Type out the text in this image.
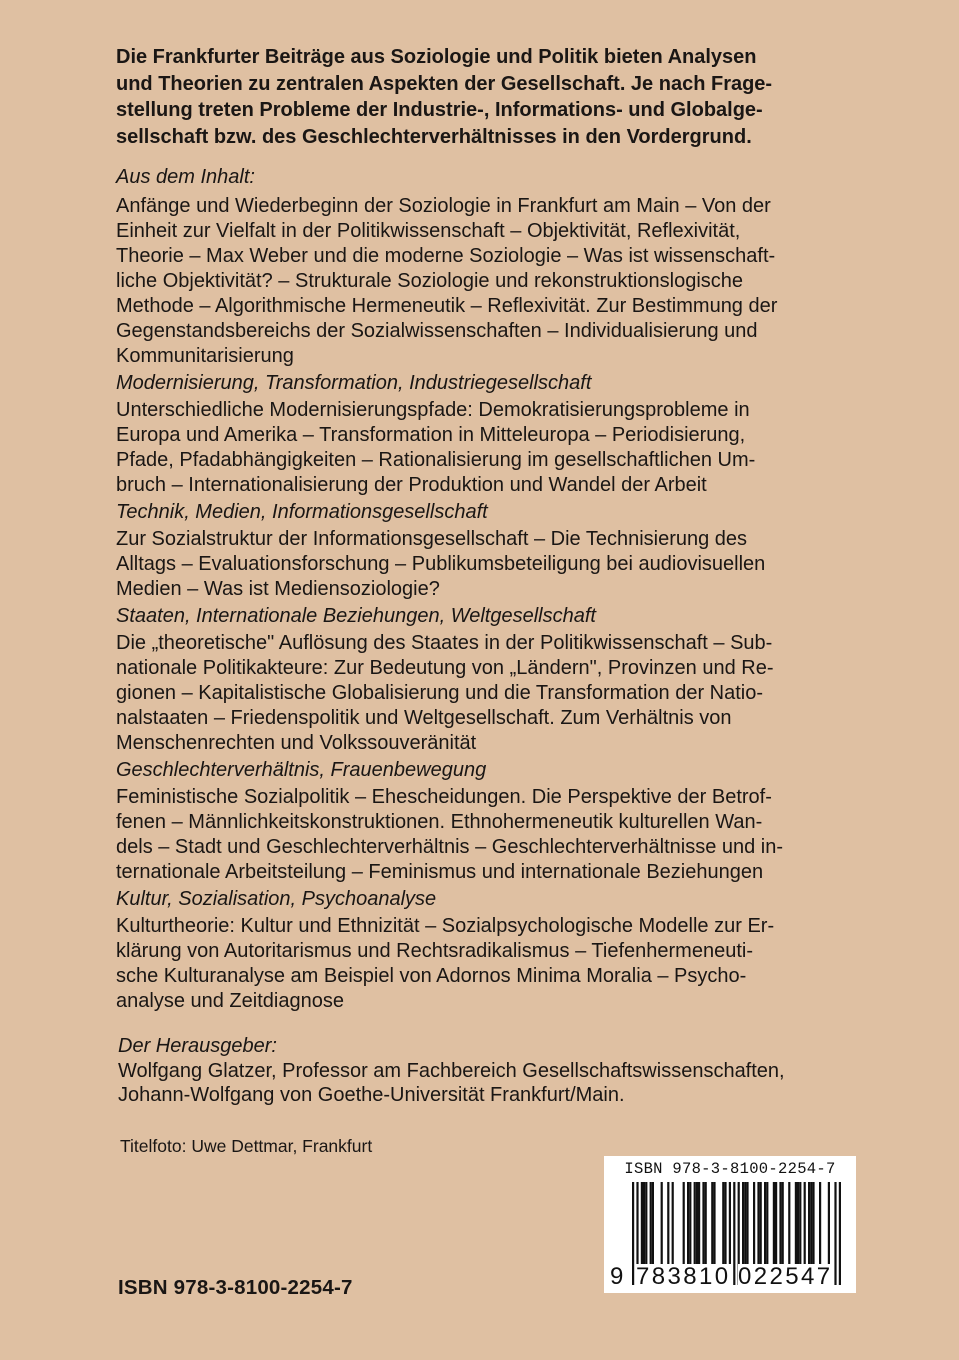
Die Frankfurter Beiträge aus Soziologie und Politik bieten Analysen
und Theorien zu zentralen Aspekten der Gesellschaft. Je nach Frage-
stellung treten Probleme der Industrie-, Informations- und Globalge-
sellschaft bzw. des Geschlechterverhältnisses in den Vordergrund.

Aus dem Inhalt:
Anfänge und Wiederbeginn der Soziologie in Frankfurt am Main – Von der
Einheit zur Vielfalt in der Politikwissenschaft – Objektivität, Reflexivität,
Theorie – Max Weber und die moderne Soziologie – Was ist wissenschaft-
liche Objektivität? – Strukturale Soziologie und rekonstruktionslogische
Methode – Algorithmische Hermeneutik – Reflexivität. Zur Bestimmung der
Gegenstandsbereichs der Sozialwissenschaften – Individualisierung und
Kommunitarisierung
Modernisierung, Transformation, Industriegesellschaft
Unterschiedliche Modernisierungspfade: Demokratisierungsprobleme in
Europa und Amerika – Transformation in Mitteleuropa – Periodisierung,
Pfade, Pfadabhängigkeiten – Rationalisierung im gesellschaftlichen Um-
bruch – Internationalisierung der Produktion und Wandel der Arbeit
Technik, Medien, Informationsgesellschaft
Zur Sozialstruktur der Informationsgesellschaft – Die Technisierung des
Alltags – Evaluationsforschung – Publikumsbeteiligung bei audiovisuellen
Medien – Was ist Mediensoziologie?
Staaten, Internationale Beziehungen, Weltgesellschaft
Die „theoretische" Auflösung des Staates in der Politikwissenschaft – Sub-
nationale Politikakteure: Zur Bedeutung von „Ländern", Provinzen und Re-
gionen – Kapitalistische Globalisierung und die Transformation der Natio-
nalstaaten – Friedenspolitik und Weltgesellschaft. Zum Verhältnis von
Menschenrechten und Volkssouveränität
Geschlechterverhältnis, Frauenbewegung
Feministische Sozialpolitik – Ehescheidungen. Die Perspektive der Betrof-
fenen – Männlichkeitskonstruktionen. Ethnohermeneutik kulturellen Wan-
dels – Stadt und Geschlechterverhältnis – Geschlechterverhältnisse und in-
ternationale Arbeitsteilung – Feminismus und internationale Beziehungen
Kultur, Sozialisation, Psychoanalyse
Kulturtheorie: Kultur und Ethnizität – Sozialpsychologische Modelle zur Er-
klärung von Autoritarismus und Rechtsradikalismus – Tiefenhermeneuti-
sche Kulturanalyse am Beispiel von Adornos Minima Moralia – Psycho-
analyse und Zeitdiagnose
Der Herausgeber:
Wolfgang Glatzer, Professor am Fachbereich Gesellschaftswissenschaften,
Johann-Wolfgang von Goethe-Universität Frankfurt/Main.
Titelfoto: Uwe Dettmar, Frankfurt
ISBN 978-3-8100-2254-7
ISBN 978-3-8100-2254-7
9 783810 022547
